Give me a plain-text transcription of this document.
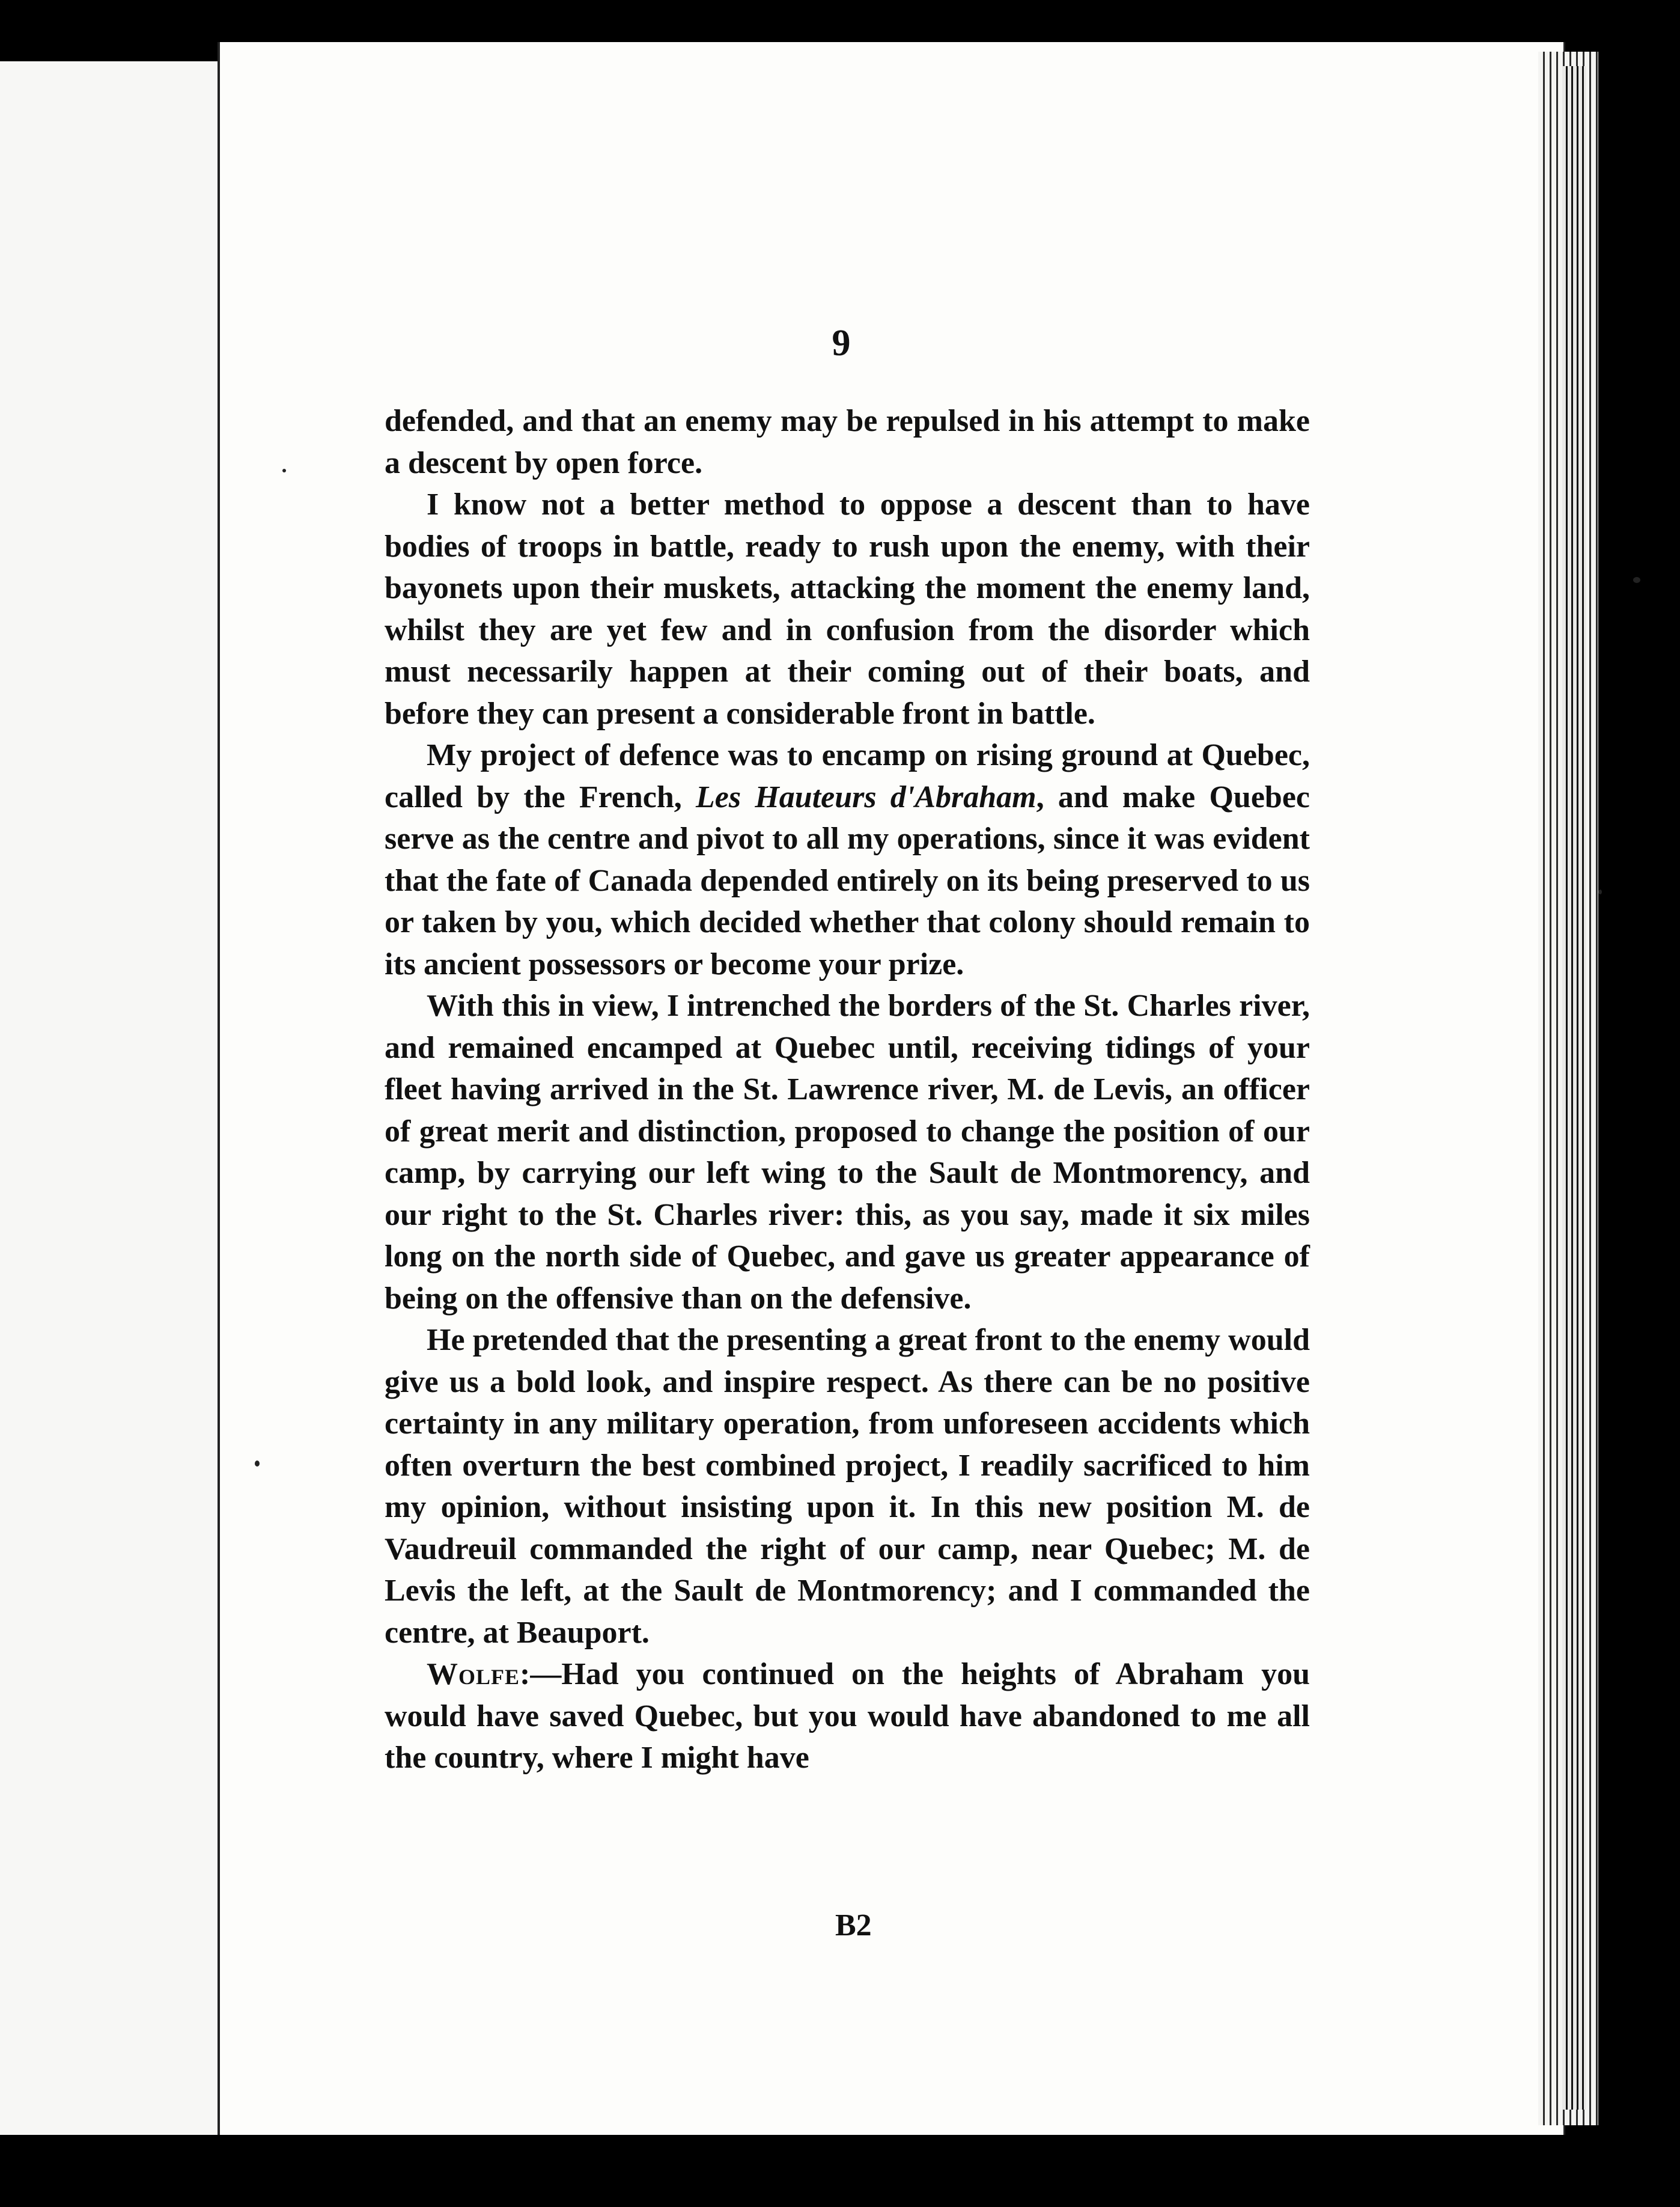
9

defended, and that an enemy may be repulsed in his attempt to make a descent by open force.

I know not a better method to oppose a descent than to have bodies of troops in battle, ready to rush upon the enemy, with their bayonets upon their muskets, attacking the moment the enemy land, whilst they are yet few and in confusion from the disorder which must necessarily happen at their coming out of their boats, and before they can present a considerable front in battle.

My project of defence was to encamp on rising ground at Quebec, called by the French, Les Hauteurs d'Abraham, and make Quebec serve as the centre and pivot to all my operations, since it was evident that the fate of Canada depended entirely on its being preserved to us or taken by you, which decided whether that colony should remain to its ancient possessors or become your prize.

With this in view, I intrenched the borders of the St. Charles river, and remained encamped at Quebec until, receiving tidings of your fleet having arrived in the St. Lawrence river, M. de Levis, an officer of great merit and distinction, proposed to change the position of our camp, by carrying our left wing to the Sault de Montmorency, and our right to the St. Charles river: this, as you say, made it six miles long on the north side of Quebec, and gave us greater appearance of being on the offensive than on the defensive.

He pretended that the presenting a great front to the enemy would give us a bold look, and inspire respect. As there can be no positive certainty in any military operation, from unforeseen accidents which often overturn the best combined project, I readily sacrificed to him my opinion, without insisting upon it. In this new position M. de Vaudreuil commanded the right of our camp, near Quebec; M. de Levis the left, at the Sault de Montmorency; and I commanded the centre, at Beauport.

Wolfe:—Had you continued on the heights of Abraham you would have saved Quebec, but you would have abandoned to me all the country, where I might have

B2
